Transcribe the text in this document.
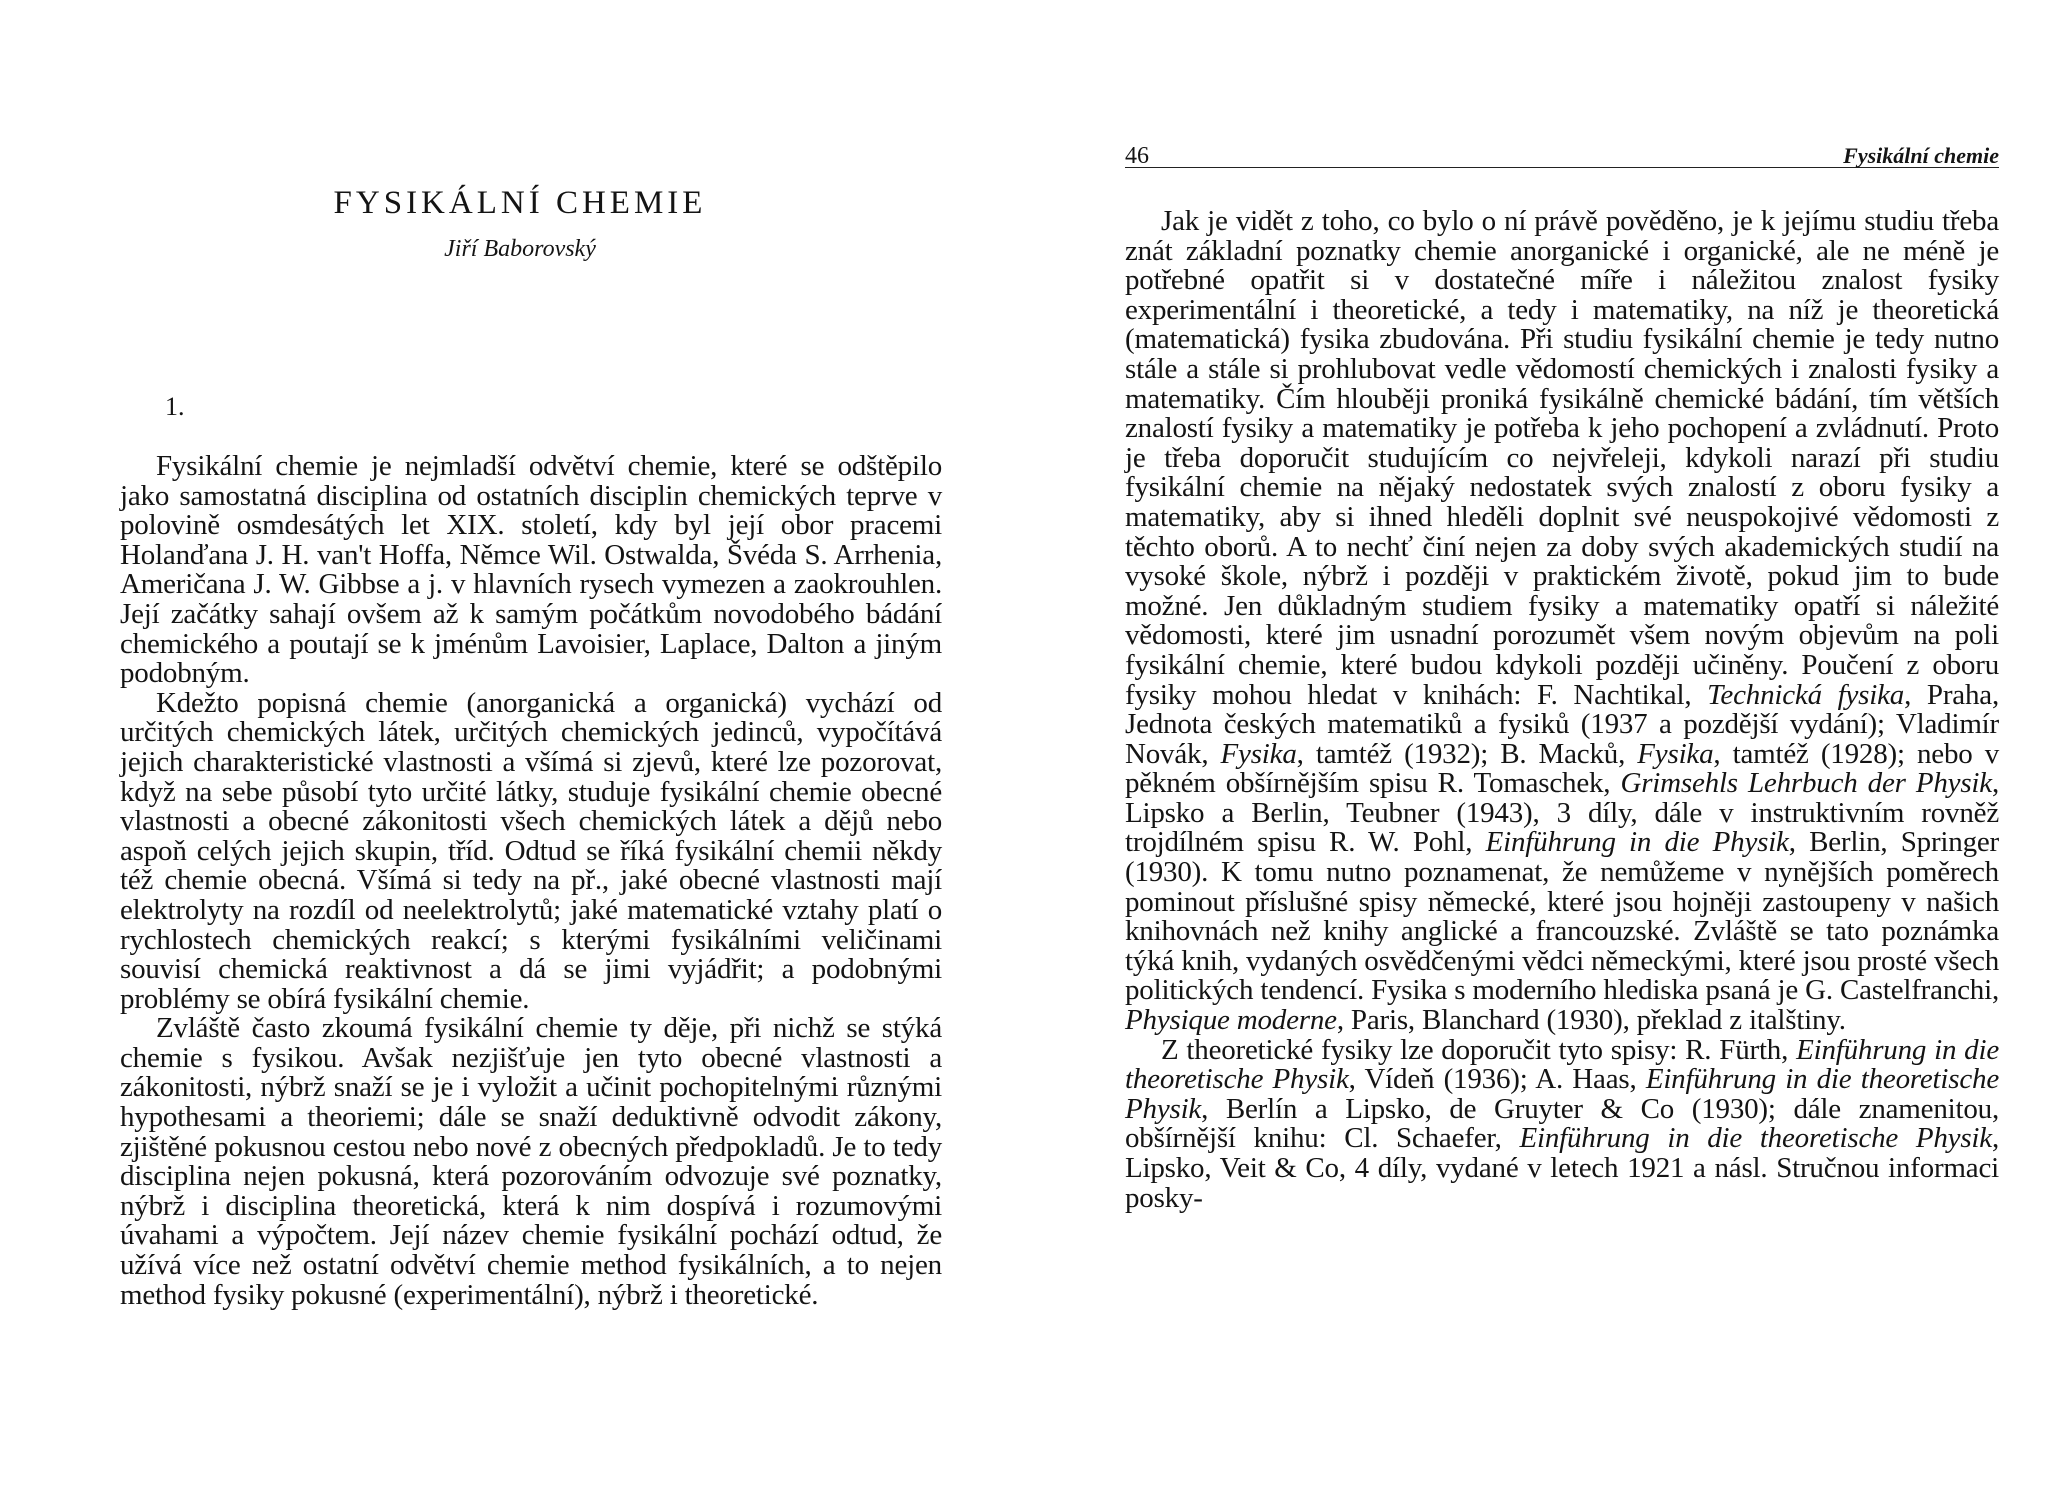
FYSIKÁLNÍ CHEMIE
Jiří Baborovský
1.

Fysikální chemie je nejmladší odvětví chemie, které se odštěpilo jako samostatná disciplina od ostatních disciplin chemických teprve v polovině osmdesátých let XIX. století, kdy byl její obor pracemi Holanďana J. H. van't Hoffa, Němce Wil. Ostwalda, Švéda S. Arrhenia, Američana J. W. Gibbse a j. v hlavních rysech vymezen a zaokrouhlen. Její začátky sahají ovšem až k samým počátkům novodobého bádání chemického a poutají se k jménům Lavoisier, Laplace, Dalton a jiným podobným.

Kdežto popisná chemie (anorganická a organická) vychází od určitých chemických látek, určitých chemických jedinců, vypočítává jejich charakteristické vlastnosti a všímá si zjevů, které lze pozorovat, když na sebe působí tyto určité látky, studuje fysikální chemie obecné vlastnosti a obecné zákonitosti všech chemických látek a dějů nebo aspoň celých jejich skupin, tříd. Odtud se říká fysikální chemii někdy též chemie obecná. Všímá si tedy na př., jaké obecné vlastnosti mají elektrolyty na rozdíl od neelektrolytů; jaké matematické vztahy platí o rychlostech chemických reakcí; s kterými fysikálními veličinami souvisí chemická reaktivnost a dá se jimi vyjádřit; a podobnými problémy se obírá fysikální chemie.

Zvláště často zkoumá fysikální chemie ty děje, při nichž se stýká chemie s fysikou. Avšak nezjišťuje jen tyto obecné vlastnosti a zákonitosti, nýbrž snaží se je i vyložit a učinit pochopitelnými různými hypothesami a theoriemi; dále se snaží deduktivně odvodit zákony, zjištěné pokusnou cestou nebo nové z obecných předpokladů. Je to tedy disciplina nejen pokusná, která pozorováním odvozuje své poznatky, nýbrž i disciplina theoretická, která k nim dospívá i rozumovými úvahami a výpočtem. Její název chemie fysikální pochází odtud, že užívá více než ostatní odvětví chemie method fysikálních, a to nejen method fysiky pokusné (experimentální), nýbrž i theoretické.

46	Fysikální chemie

Jak je vidět z toho, co bylo o ní právě pověděno, je k jejímu studiu třeba znát základní poznatky chemie anorganické i organické, ale ne méně je potřebné opatřit si v dostatečné míře i náležitou znalost fysiky experimentální i theoretické, a tedy i matematiky, na níž je theoretická (matematická) fysika zbudována. Při studiu fysikální chemie je tedy nutno stále a stále si prohlubovat vedle vědomostí chemických i znalosti fysiky a matematiky. Čím hlouběji proniká fysikálně chemické bádání, tím větších znalostí fysiky a matematiky je potřeba k jeho pochopení a zvládnutí. Proto je třeba doporučit studujícím co nejvřeleji, kdykoli narazí při studiu fysikální chemie na nějaký nedostatek svých znalostí z oboru fysiky a matematiky, aby si ihned hleděli doplnit své neuspokojivé vědomosti z těchto oborů. A to nechť činí nejen za doby svých akademických studií na vysoké škole, nýbrž i později v praktickém životě, pokud jim to bude možné. Jen důkladným studiem fysiky a matematiky opatří si náležité vědomosti, které jim usnadní porozumět všem novým objevům na poli fysikální chemie, které budou kdykoli později učiněny. Poučení z oboru fysiky mohou hledat v knihách: F. Nachtikal, Technická fysika, Praha, Jednota českých matematiků a fysiků (1937 a pozdější vydání); Vladimír Novák, Fysika, tamtéž (1932); B. Macků, Fysika, tamtéž (1928); nebo v pěkném obšírnějším spisu R. Tomaschek, Grimsehls Lehrbuch der Physik, Lipsko a Berlin, Teubner (1943), 3 díly, dále v instruktivním rovněž trojdílném spisu R. W. Pohl, Einführung in die Physik, Berlin, Springer (1930). K tomu nutno poznamenat, že nemůžeme v nynějších poměrech pominout příslušné spisy německé, které jsou hojněji zastoupeny v našich knihovnách než knihy anglické a francouzské. Zvláště se tato poznámka týká knih, vydaných osvědčenými vědci německými, které jsou prosté všech politických tendencí. Fysika s moderního hlediska psaná je G. Castelfranchi, Physique moderne, Paris, Blanchard (1930), překlad z italštiny.

Z theoretické fysiky lze doporučit tyto spisy: R. Fürth, Einführung in die theoretische Physik, Vídeň (1936); A. Haas, Einführung in die theoretische Physik, Berlín a Lipsko, de Gruyter & Co (1930); dále znamenitou, obšírnější knihu: Cl. Schaefer, Einführung in die theoretische Physik, Lipsko, Veit & Co, 4 díly, vydané v letech 1921 a násl. Stručnou informaci posky-
